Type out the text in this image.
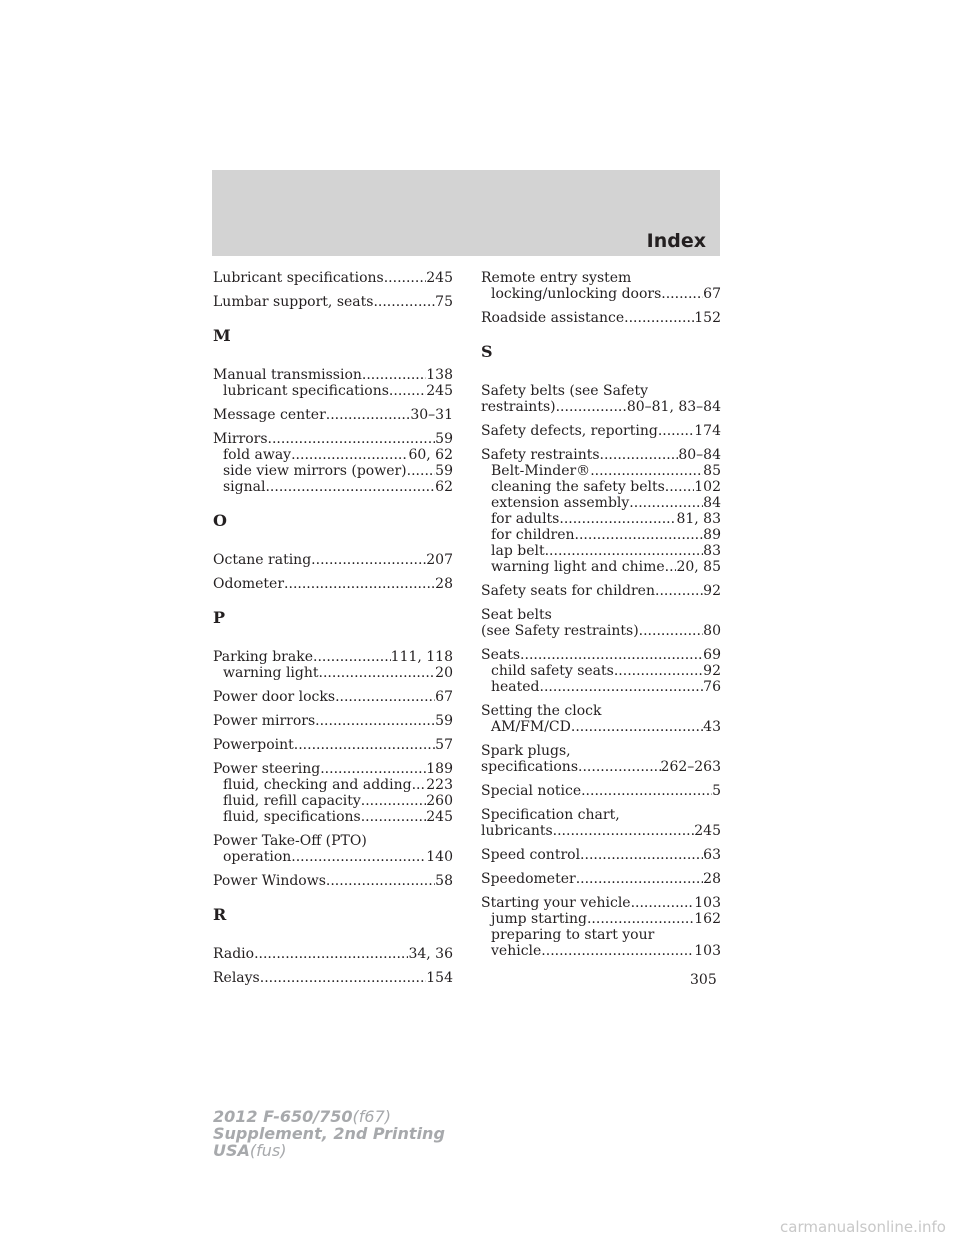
Index
Lubricant specifications .....	245
Lumbar support, seats .....	75
M
Manual transmission .....	138
lubricant specifications .....	245
Message center .....	30–31
Mirrors .....	59
fold away .....	60, 62
side view mirrors (power) ..... 59
signal .....	62
O
Octane rating .....	207
Odometer .....	28
P
Parking brake .....	111, 118
warning light .....	20
Power door locks .....	67
Power mirrors .....	59
Powerpoint .....	57
Power steering .....	189
fluid, checking and adding ..... 223
fluid, refill capacity .....	260
fluid, specifications .....	245
Power Take-Off (PTO)
operation .....	140
Power Windows .....	58
R
Radio .....	34, 36
Relays .....	154
Remote entry system
locking/unlocking doors .....	67
Roadside assistance .....	152
S
Safety belts (see Safety
restraints) .....	80–81, 83–84
Safety defects, reporting .....	174
Safety restraints .....	80–84
Belt-Minder® .....	85
cleaning the safety belts ..... 102
extension assembly .....	84
for adults .....	81, 83
for children .....	89
lap belt .....	83
warning light and chime ..... 20, 85
Safety seats for children .....	92
Seat belts
(see Safety restraints) .....	80
Seats .....	69
child safety seats .....	92
heated .....	76
Setting the clock
AM/FM/CD .....	43
Spark plugs,
specifications .....	262–263
Special notice .....	5
Specification chart,
lubricants .....	245
Speed control .....	63
Speedometer .....	28
Starting your vehicle .....	103
jump starting .....	162
preparing to start your
vehicle .....	103
305
2012 F-650/750(f67)
Supplement, 2nd Printing
USA(fus)
carmanualsonline.info
